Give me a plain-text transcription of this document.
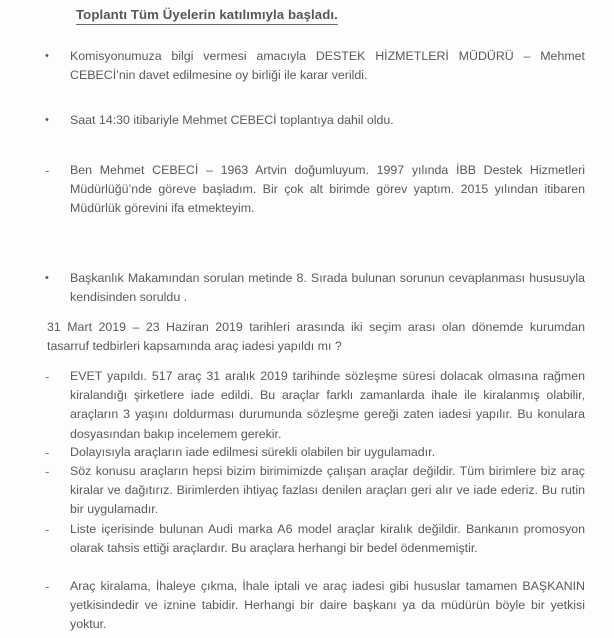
Toplantı Tüm Üyelerin katılımıyla başladı.
•	Komisyonumuza bilgi vermesi amacıyla DESTEK HİZMETLERİ MÜDÜRÜ – Mehmet CEBECİ’nin davet edilmesine oy birliği ile karar verildi.
•	Saat 14:30 itibariyle Mehmet CEBECİ toplantıya dahil oldu.
-	Ben Mehmet CEBECİ – 1963 Artvin doğumluyum. 1997 yılında İBB Destek Hizmetleri Müdürlüğü’nde göreve başladım. Bir çok alt birimde görev yaptım. 2015 yılından itibaren Müdürlük görevini ifa etmekteyim.
•	Başkanlık Makamından sorulan metinde 8. Sırada bulunan sorunun cevaplanması hususuyla kendisinden soruldu .
31 Mart 2019 – 23 Haziran 2019 tarihleri arasında iki seçim arası olan dönemde kurumdan tasarruf tedbirleri kapsamında araç iadesi yapıldı mı ?
-	EVET yapıldı. 517 araç 31 aralık 2019 tarihinde sözleşme süresi dolacak olmasına rağmen kiralandığı şirketlere iade edildi. Bu araçlar farklı zamanlarda ihale ile kiralanmış olabilir, araçların 3 yaşını doldurması durumunda sözleşme gereği zaten iadesi yapılır. Bu konulara dosyasından bakıp incelemem gerekir.
-	Dolayısıyla araçların iade edilmesi sürekli olabilen bir uygulamadır.
-	Söz konusu araçların hepsi bizim birimimizde çalışan araçlar değildir. Tüm birimlere biz araç kiralar ve dağıtırız. Birimlerden ihtiyaç fazlası denilen araçları geri alır ve iade ederiz. Bu rutin bir uygulamadır.
-	Liste içerisinde bulunan Audi marka A6 model araçlar kiralık değildir. Bankanın promosyon olarak tahsis ettiği araçlardır. Bu araçlara herhangi bir bedel ödenmemiştir.
-	Araç kiralama, İhaleye çıkma, İhale iptali ve araç iadesi gibi hususlar tamamen BAŞKANIN yetkisindedir ve iznine tabidir. Herhangi bir daire başkanı ya da müdürün böyle bir yetkisi yoktur.
